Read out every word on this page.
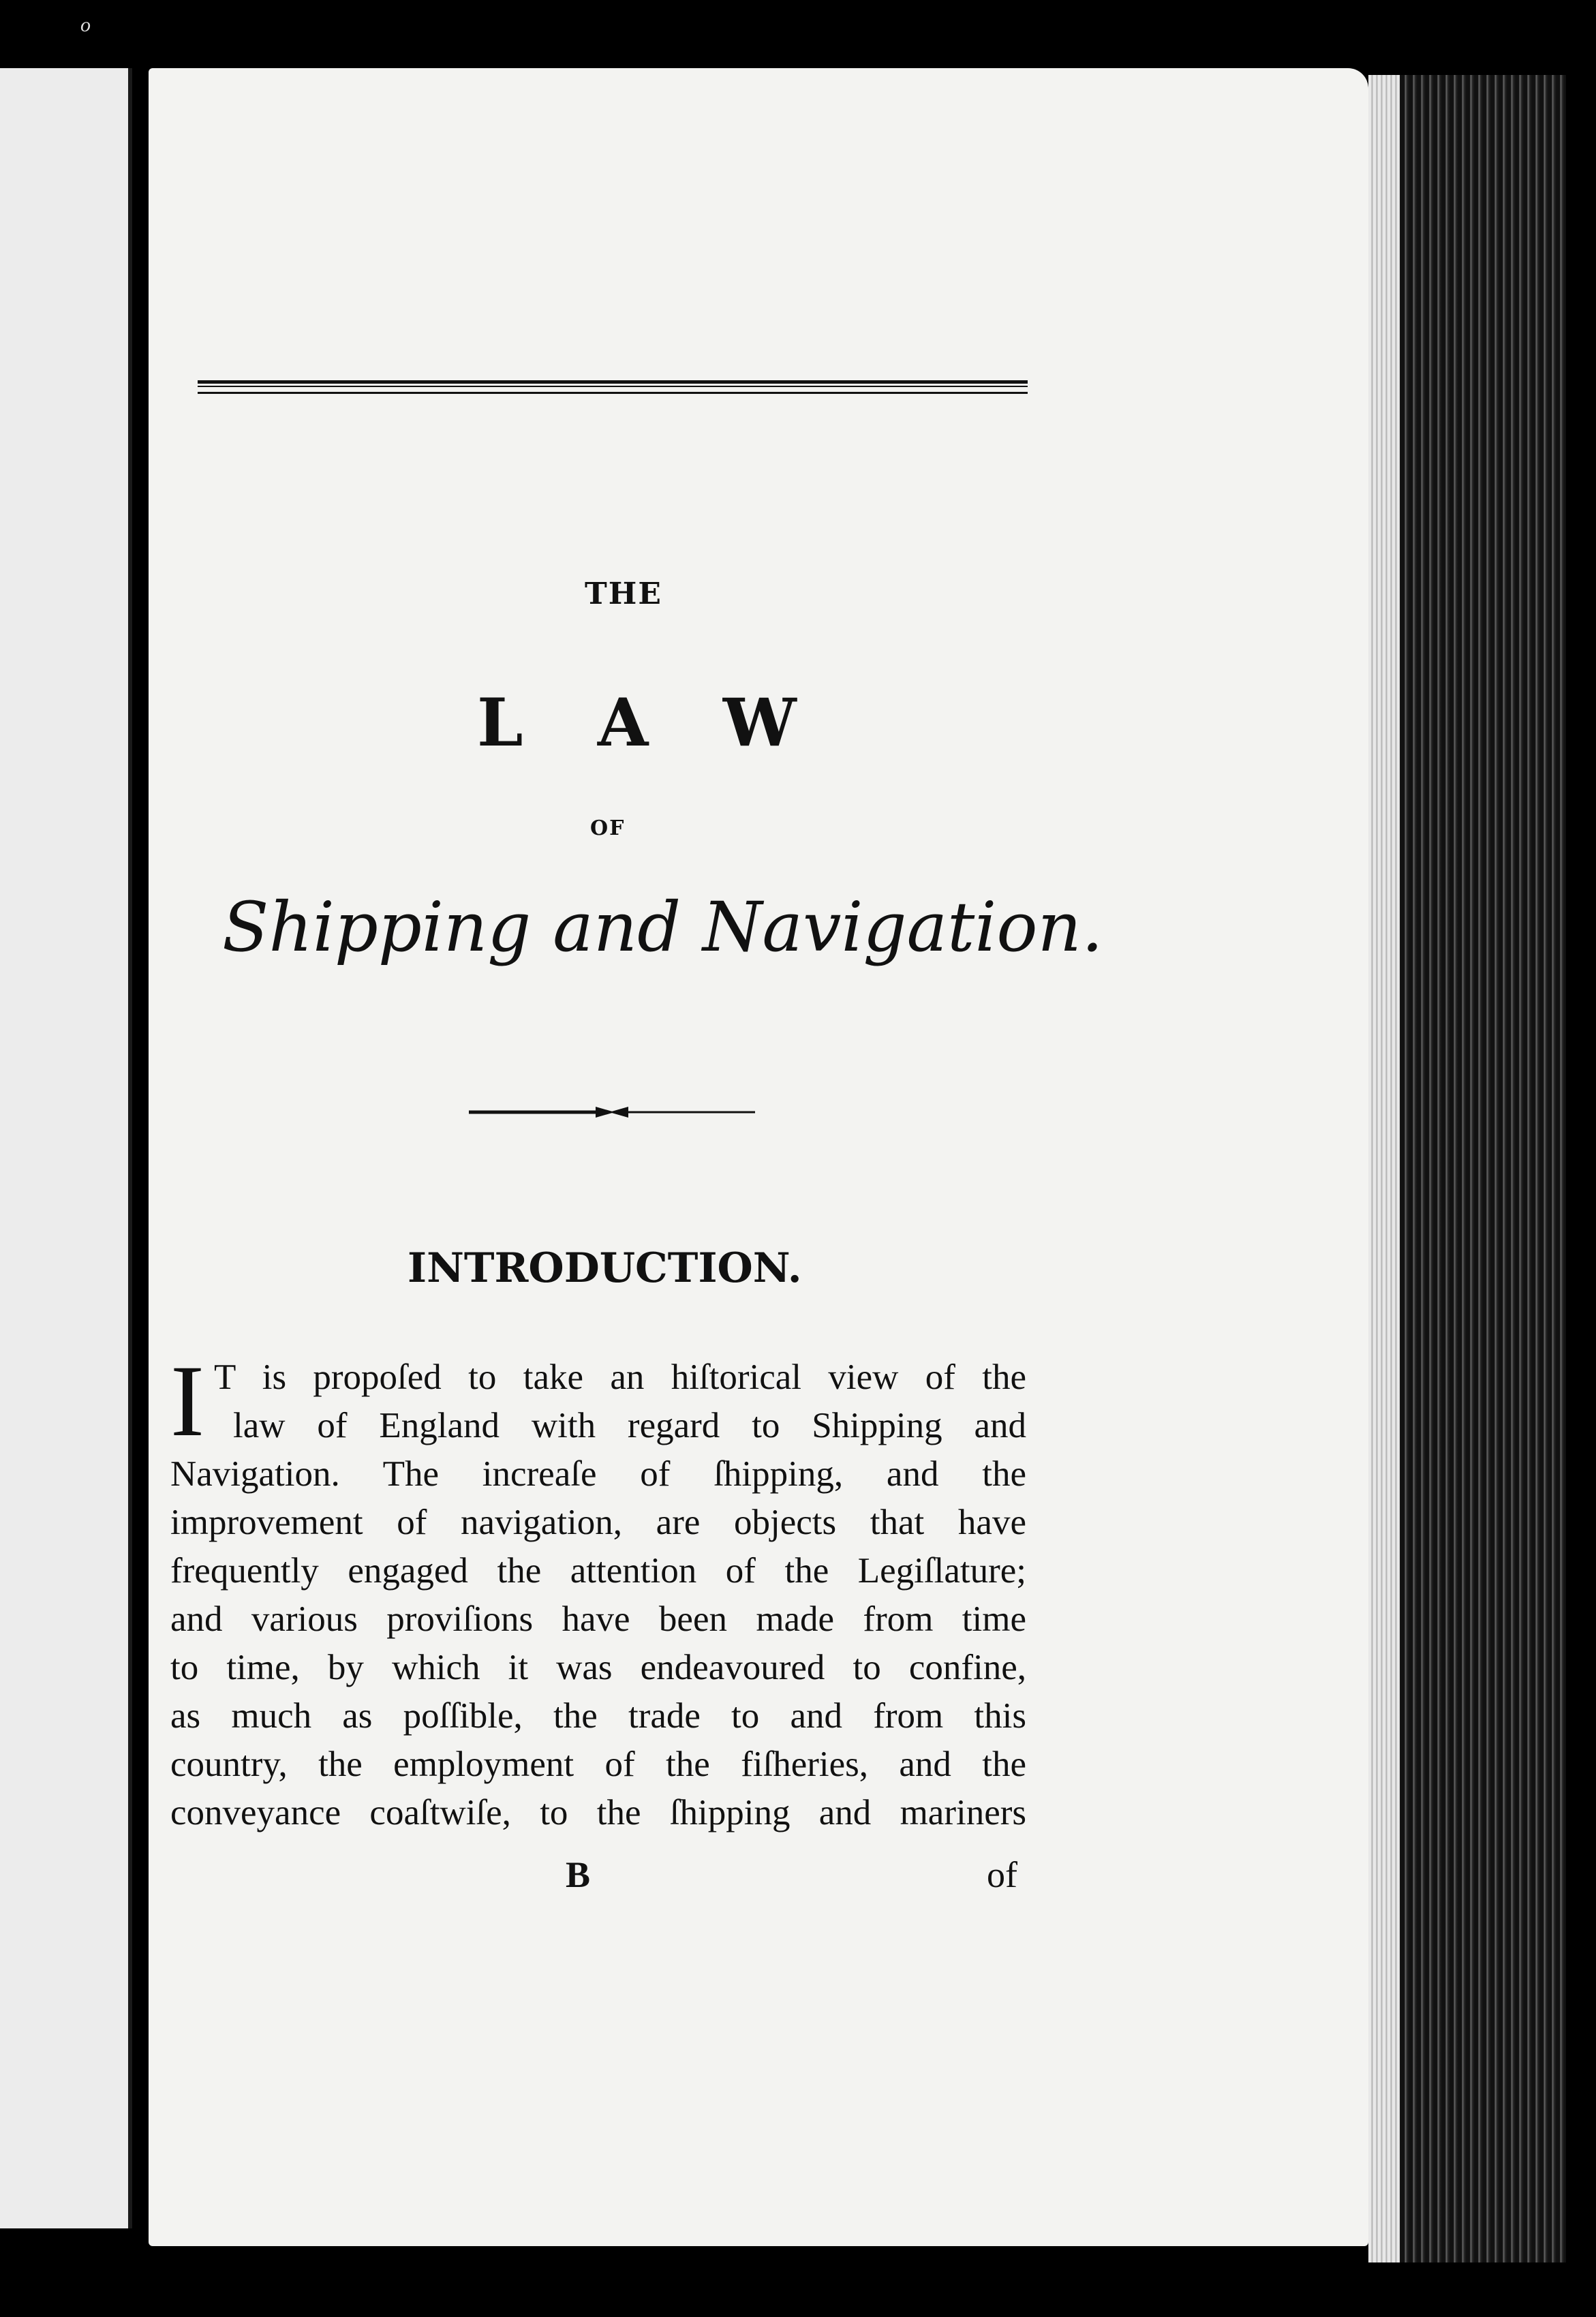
o
THE
L A W
OF
Shipping and Navigation.
INTRODUCTION.
I T is propoſed to take an hiſtorical view of the
law of England with regard to Shipping and
Navigation. The increaſe of ſhipping, and the
improvement of navigation, are objects that have
frequently engaged the attention of the Legiſlature;
and various proviſions have been made from time
to time, by which it was endeavoured to confine,
as much as poſſible, the trade to and from this
country, the employment of the fiſheries, and the
conveyance coaſtwiſe, to the ſhipping and mariners
B	of
